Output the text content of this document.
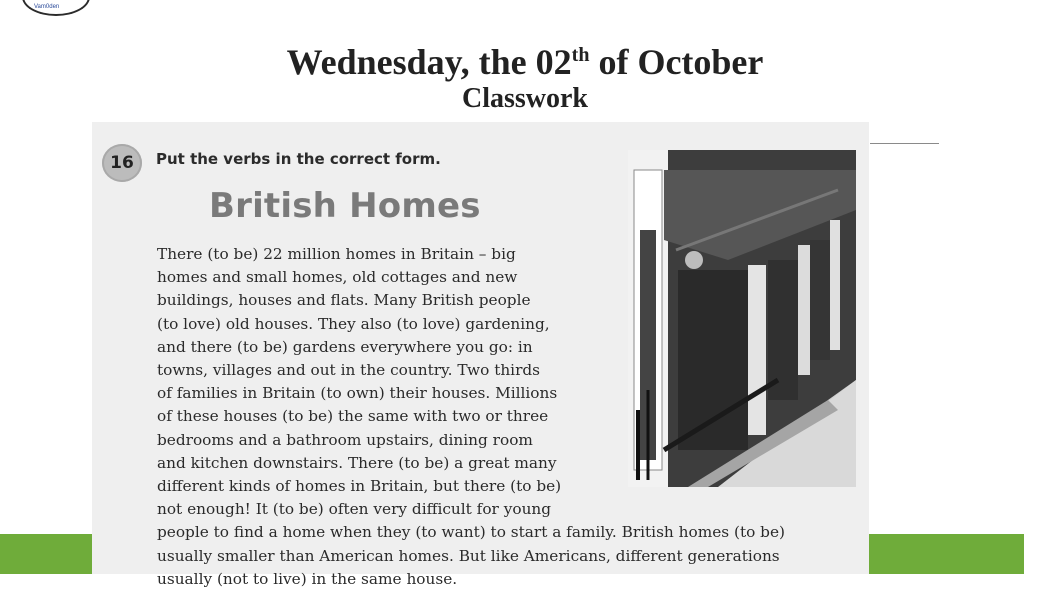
Vam0den
Wednesday, the 02th of October
Classwork
16	Put the verbs in the correct form.
British Homes

There (to be) 22 million homes in Britain – big
homes and small homes, old cottages and new
buildings, houses and flats. Many British people
(to love) old houses. They also (to love) gardening,
and there (to be) gardens everywhere you go: in
towns, villages and out in the country. Two thirds
of families in Britain (to own) their houses. Millions
of these houses (to be) the same with two or three
bedrooms and a bathroom upstairs, dining room
and kitchen downstairs. There (to be) a great many
different kinds of homes in Britain, but there (to be)
not enough! It (to be) often very difficult for young
people to find a home when they (to want) to start a family. British homes (to be)
usually smaller than American homes. But like Americans, different generations
usually (not to live) in the same house.
